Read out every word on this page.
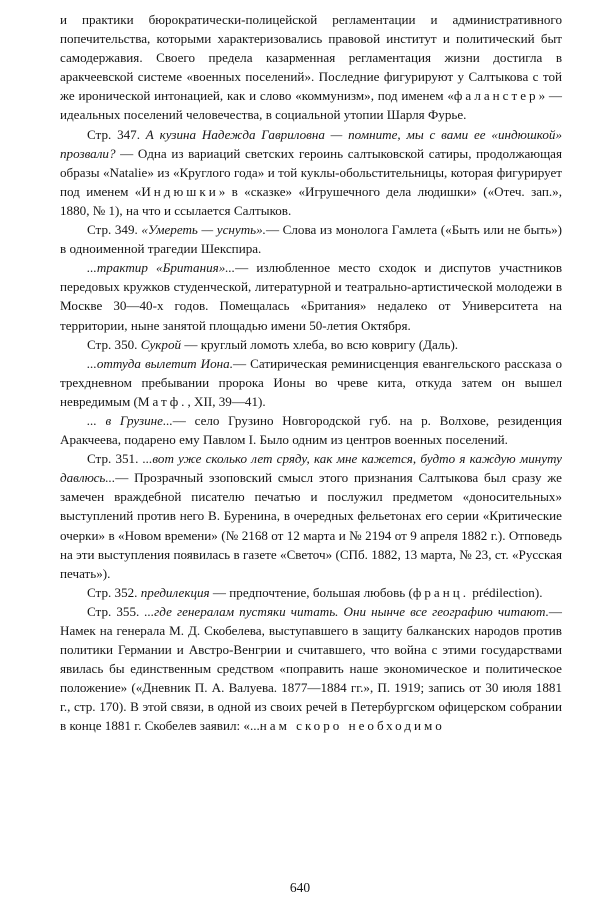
и практики бюрократически-полицейской регламентации и административного попечительства, которыми характеризовались правовой институт и политический быт самодержавия. Своего предела казарменная регламентация жизни достигла в аракчеевской системе «военных поселений». Последние фигурируют у Салтыкова с той же иронической интонацией, как и слово «коммунизм», под именем «фаланстер» — идеальных поселений человечества, в социальной утопии Шарля Фурье.

Стр. 347. А кузина Надежда Гавриловна — помните, мы с вами ее «индюшкой» прозвали? — Одна из вариаций светских героинь салтыковской сатиры, продолжающая образы «Natalie» из «Круглого года» и той куклы-обольстительницы, которая фигурирует под именем «Индюшки» в «сказке» «Игрушечного дела людишки» («Отеч. зап.», 1880, № 1), на что и ссылается Салтыков.

Стр. 349. «Умереть — уснуть».— Слова из монолога Гамлета («Быть или не быть») в одноименной трагедии Шекспира.

...трактир «Британия»...— излюбленное место сходок и диспутов участников передовых кружков студенческой, литературной и театрально-артистической молодежи в Москве 30—40-х годов. Помещалась «Британия» недалеко от Университета на территории, ныне занятой площадью имени 50-летия Октября.

Стр. 350. Сукрой — круглый ломоть хлеба, во всю ковригу (Даль).

...оттуда вылетит Иона.— Сатирическая реминисценция евангельского рассказа о трехдневном пребывании пророка Ионы во чреве кита, откуда затем он вышел невредимым (Матф., XII, 39—41).

... в Грузине...— село Грузино Новгородской губ. на р. Волхове, резиденция Аракчеева, подарено ему Павлом I. Было одним из центров военных поселений.

Стр. 351. ...вот уже сколько лет сряду, как мне кажется, будто я каждую минуту давлюсь...— Прозрачный эзоповский смысл этого признания Салтыкова был сразу же замечен враждебной писателю печатью и послужил предметом «доносительных» выступлений против него В. Буренина, в очередных фельетонах его серии «Критические очерки» в «Новом времени» (№ 2168 от 12 марта и № 2194 от 9 апреля 1882 г.). Отповедь на эти выступления появилась в газете «Светоч» (СПб. 1882, 13 марта, № 23, ст. «Русская печать»).

Стр. 352. предилекция — предпочтение, большая любовь (франц. prédilection).

Стр. 355. ...где генералам пустяки читать. Они нынче все географию читают.— Намек на генерала М. Д. Скобелева, выступавшего в защиту балканских народов против политики Германии и Австро-Венгрии и считавшего, что война с этими государствами явилась бы единственным средством «поправить наше экономическое и политическое положение» («Дневник П. А. Валуева. 1877—1884 гг.», П. 1919; запись от 30 июля 1881 г., стр. 170). В этой связи, в одной из своих речей в Петербургском офицерском собрании в конце 1881 г. Скобелев заявил: «...нам скоро необходимо

640
